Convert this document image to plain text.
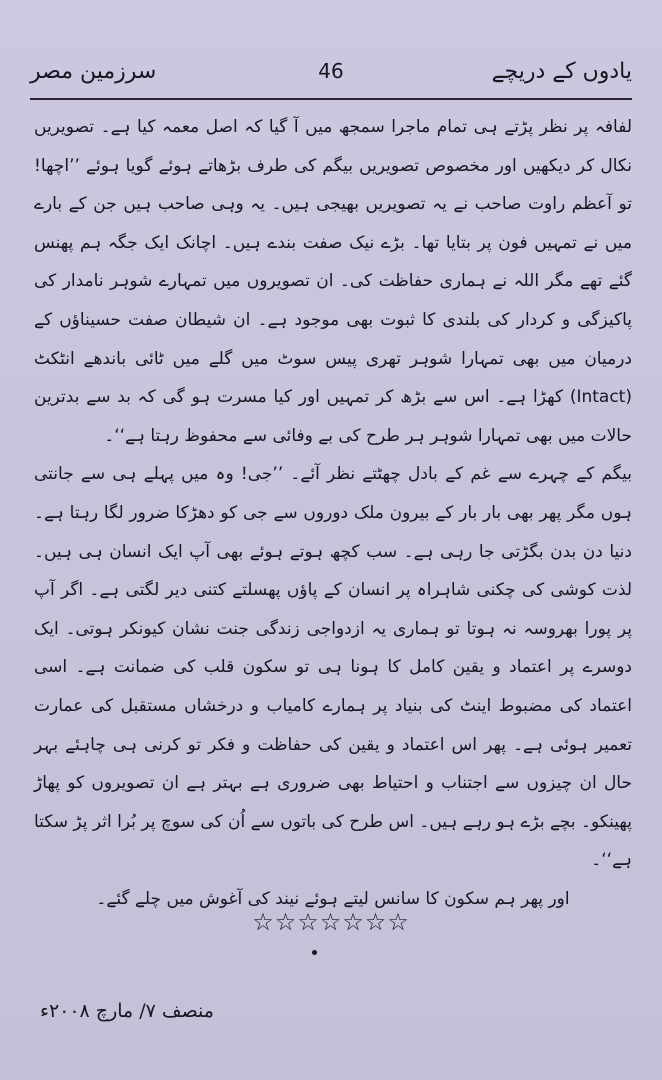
سرزمین مصر	46	یادوں کے دریچے

لفافہ پر نظر پڑتے ہی تمام ماجرا سمجھ میں آ گیا کہ اصل معمہ کیا ہے۔ تصویریں نکال کر دیکھیں اور مخصوص تصویریں بیگم کی طرف بڑھاتے ہوئے گویا ہوئے ’’اچھا! تو آعظم راوت صاحب نے یہ تصویریں بھیجی ہیں۔ یہ وہی صاحب ہیں جن کے بارے میں نے تمہیں فون پر بتایا تھا۔ بڑے نیک صفت بندے ہیں۔ اچانک ایک جگہ ہم پھنس گئے تھے مگر اللہ نے ہماری حفاظت کی۔ ان تصویروں میں تمہارے شوہر نامدار کی پاکیزگی و کردار کی بلندی کا ثبوت بھی موجود ہے۔ ان شیطان صفت حسیناؤں کے درمیان میں بھی تمہارا شوہر تھری پیس سوٹ میں گلے میں ٹائی باندھے انٹکٹ (Intact) کھڑا ہے۔ اس سے بڑھ کر تمہیں اور کیا مسرت ہو گی کہ بد سے بدترین حالات میں بھی تمہارا شوہر ہر طرح کی بے وفائی سے محفوظ رہتا ہے‘‘۔

بیگم کے چہرے سے غم کے بادل چھٹتے نظر آئے۔ ’’جی! وہ میں پہلے ہی سے جانتی ہوں مگر پھر بھی بار بار کے بیرون ملک دوروں سے جی کو دھڑکا ضرور لگا رہتا ہے۔ دنیا دن بدن بگڑتی جا رہی ہے۔ سب کچھ ہوتے ہوئے بھی آپ ایک انسان ہی ہیں۔ لذت کوشی کی چکنی شاہراہ پر انسان کے پاؤں پھسلتے کتنی دیر لگتی ہے۔ اگر آپ پر پورا بھروسہ نہ ہوتا تو ہماری یہ ازدواجی زندگی جنت نشان کیونکر ہوتی۔ ایک دوسرے پر اعتماد و یقین کامل کا ہونا ہی تو سکون قلب کی ضمانت ہے۔ اسی اعتماد کی مضبوط اینٹ کی بنیاد پر ہمارے کامیاب و درخشاں مستقبل کی عمارت تعمیر ہوئی ہے۔ پھر اس اعتماد و یقین کی حفاظت و فکر تو کرنی ہی چاہئے بہر حال ان چیزوں سے اجتناب و احتیاط بھی ضروری ہے بہتر ہے ان تصویروں کو پھاڑ پھینکو۔ بچے بڑے ہو رہے ہیں۔ اس طرح کی باتوں سے اُن کی سوچ پر بُرا اثر پڑ سکتا ہے‘‘۔

اور پھر ہم سکون کا سانس لیتے ہوئے نیند کی آغوش میں چلے گئے۔

☆☆☆☆☆☆☆
منصف ۷/ مارچ ۲۰۰۸ء
